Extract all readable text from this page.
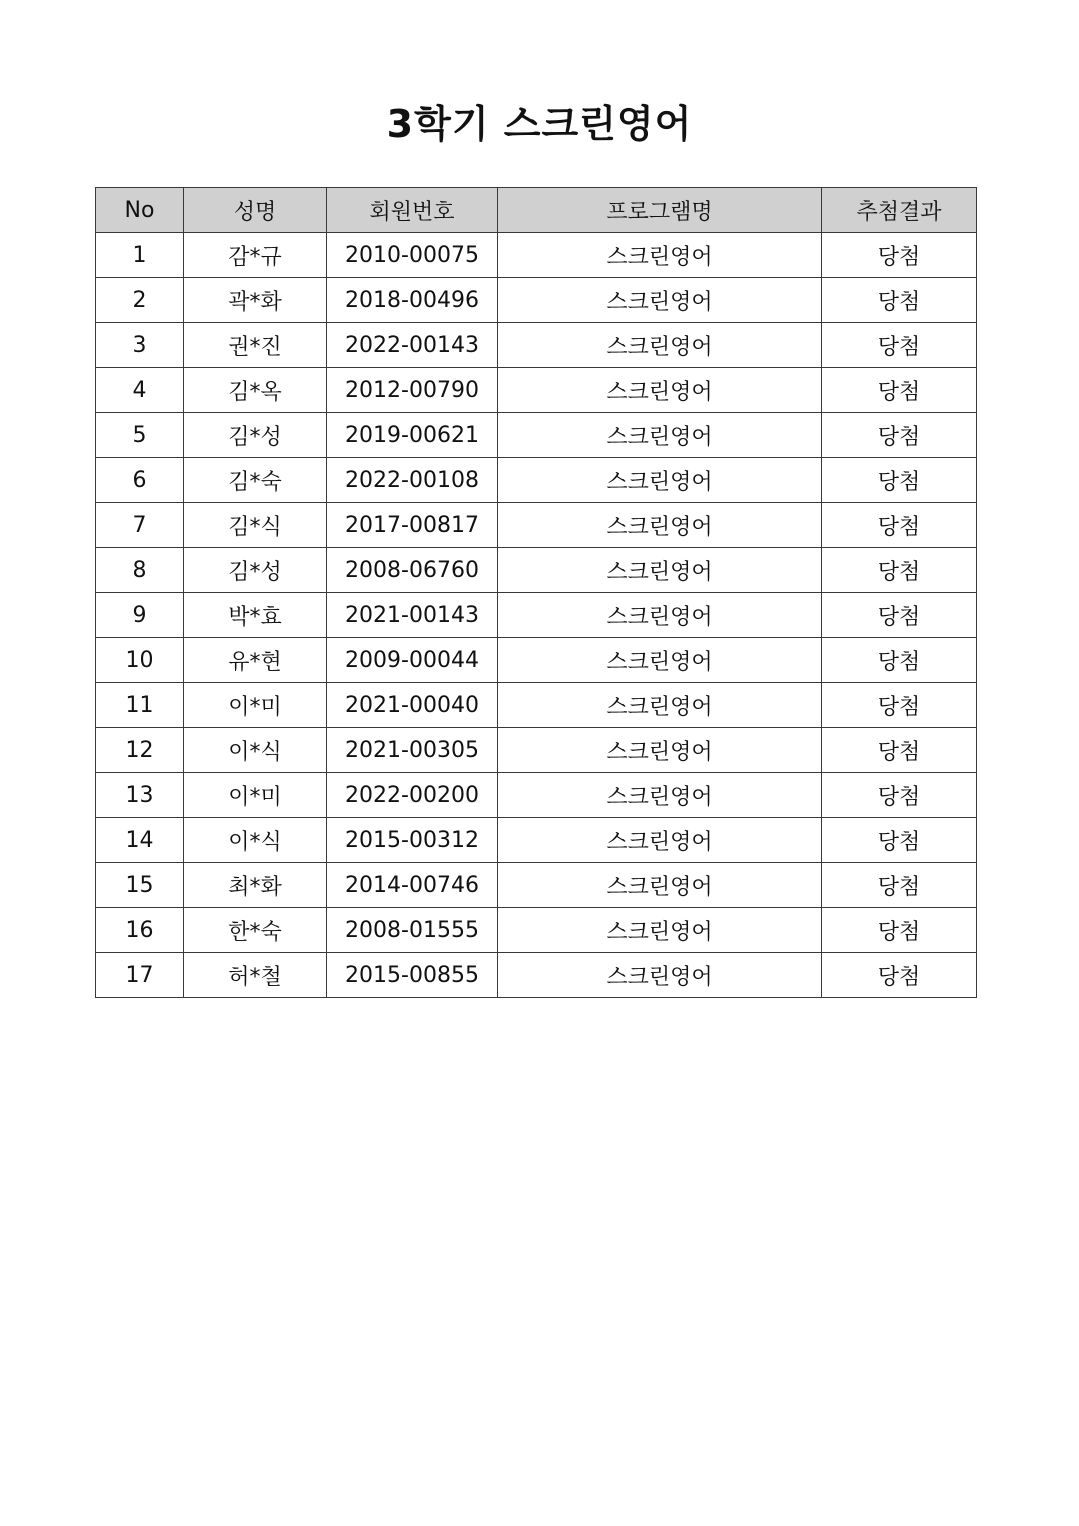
3학기 스크린영어
No	성명	회원번호	프로그램명	추첨결과
1	감*규	2010-00075	스크린영어	당첨
2	곽*화	2018-00496	스크린영어	당첨
3	권*진	2022-00143	스크린영어	당첨
4	김*옥	2012-00790	스크린영어	당첨
5	김*성	2019-00621	스크린영어	당첨
6	김*숙	2022-00108	스크린영어	당첨
7	김*식	2017-00817	스크린영어	당첨
8	김*성	2008-06760	스크린영어	당첨
9	박*효	2021-00143	스크린영어	당첨
10	유*현	2009-00044	스크린영어	당첨
11	이*미	2021-00040	스크린영어	당첨
12	이*식	2021-00305	스크린영어	당첨
13	이*미	2022-00200	스크린영어	당첨
14	이*식	2015-00312	스크린영어	당첨
15	최*화	2014-00746	스크린영어	당첨
16	한*숙	2008-01555	스크린영어	당첨
17	허*철	2015-00855	스크린영어	당첨
